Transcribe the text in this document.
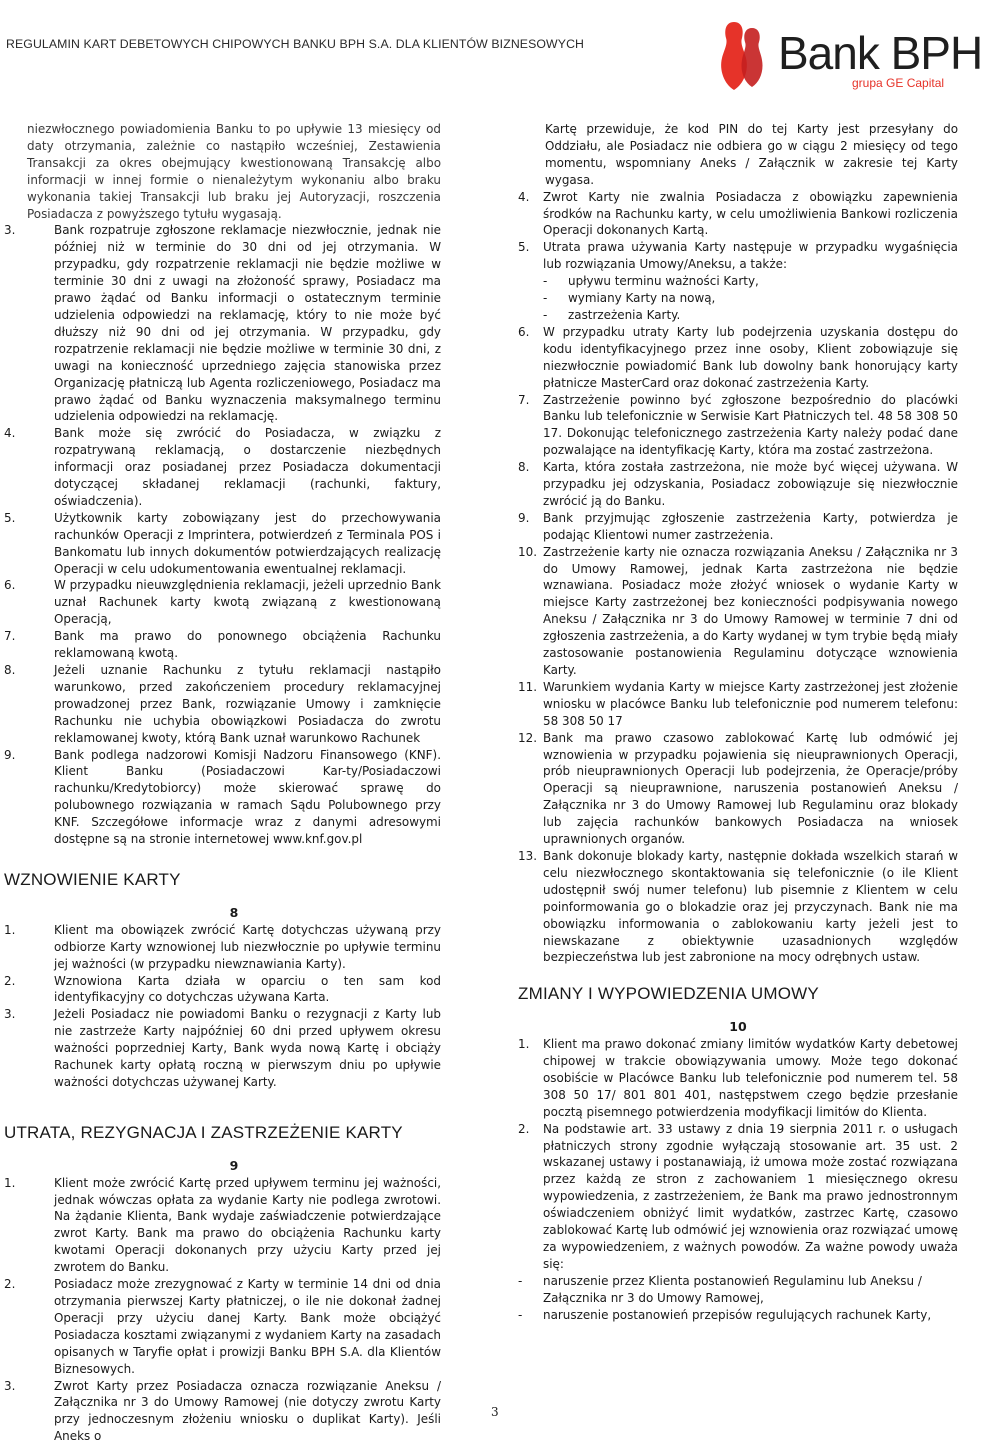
REGULAMIN KART DEBETOWYCH CHIPOWYCH BANKU BPH S.A. DLA KLIENTÓW BIZNESOWYCH	Bank BPH
grupa GE Capital

niezwłocznego powiadomienia Banku to po upływie 13 miesięcy od daty otrzymania, zależnie co nastąpiło wcześniej, Zestawienia Transakcji za okres obejmujący kwestionowaną Transakcję albo informacji w innej formie o nienależytym wykonaniu albo braku wykonania takiej Transakcji lub braku jej Autoryzacji, roszczenia Posiadacza z powyższego tytułu wygasają.

3.	Bank rozpatruje zgłoszone reklamacje niezwłocznie, jednak nie później niż w terminie do 30 dni od jej otrzymania. W przypadku, gdy rozpatrzenie reklamacji nie będzie możliwe w terminie 30 dni z uwagi na złożoność sprawy, Posiadacz ma prawo żądać od Banku informacji o ostatecznym terminie udzielenia odpowiedzi na reklamację, który to nie może być dłuższy niż 90 dni od jej otrzymania. W przypadku, gdy rozpatrzenie reklamacji nie będzie możliwe w terminie 30 dni, z uwagi na konieczność uprzedniego zajęcia stanowiska przez Organizację płatniczą lub Agenta rozliczeniowego, Posiadacz ma prawo żądać od Banku wyznaczenia maksymalnego terminu udzielenia odpowiedzi na reklamację.
4.	Bank może się zwrócić do Posiadacza, w związku z rozpatrywaną reklamacją, o dostarczenie niezbędnych informacji oraz posiadanej przez Posiadacza dokumentacji dotyczącej składanej reklamacji (rachunki, faktury, oświadczenia).
5.	Użytkownik karty zobowiązany jest do przechowywania rachunków Operacji z Imprintera, potwierdzeń z Terminala POS i Bankomatu lub innych dokumentów potwierdzających realizację Operacji w celu udokumentowania ewentualnej reklamacji.
6.	W przypadku nieuwzględnienia reklamacji, jeżeli uprzednio Bank uznał Rachunek karty kwotą związaną z kwestionowaną Operacją,
7.	Bank ma prawo do ponownego obciążenia Rachunku reklamowaną kwotą.
8.	Jeżeli uznanie Rachunku z tytułu reklamacji nastąpiło warunkowo, przed zakończeniem procedury reklamacyjnej prowadzonej przez Bank, rozwiązanie Umowy i zamknięcie Rachunku nie uchybia obowiązkowi Posiadacza do zwrotu reklamowanej kwoty, którą Bank uznał warunkowo Rachunek
9.	Bank podlega nadzorowi Komisji Nadzoru Finansowego (KNF). Klient Banku (Posiadaczowi Kar-ty/Posiadaczowi rachunku/Kredytobiorcy) może skierować sprawę do polubownego rozwiązania w ramach Sądu Polubownego przy KNF. Szczegółowe informacje wraz z danymi adresowymi dostępne są na stronie internetowej www.knf.gov.pl

WZNOWIENIE KARTY

8

1.	Klient ma obowiązek zwrócić Kartę dotychczas używaną przy odbiorze Karty wznowionej lub niezwłocznie po upływie terminu jej ważności (w przypadku niewznawiania Karty).
2.	Wznowiona Karta działa w oparciu o ten sam kod identyfikacyjny co dotychczas używana Karta.
3.	Jeżeli Posiadacz nie powiadomi Banku o rezygnacji z Karty lub nie zastrzeże Karty najpóźniej 60 dni przed upływem okresu ważności poprzedniej Karty, Bank wyda nową Kartę i obciąży Rachunek karty opłatą roczną w pierwszym dniu po upływie ważności dotychczas używanej Karty.

UTRATA, REZYGNACJA I ZASTRZEŻENIE KARTY

9

1.	Klient może zwrócić Kartę przed upływem terminu jej ważności, jednak wówczas opłata za wydanie Karty nie podlega zwrotowi. Na żądanie Klienta, Bank wydaje zaświadczenie potwierdzające zwrot Karty. Bank ma prawo do obciążenia Rachunku karty kwotami Operacji dokonanych przy użyciu Karty przed jej zwrotem do Banku.
2.	Posiadacz może zrezygnować z Karty w terminie 14 dni od dnia otrzymania pierwszej Karty płatniczej, o ile nie dokonał żadnej Operacji przy użyciu danej Karty. Bank może obciążyć Posiadacza kosztami związanymi z wydaniem Karty na zasadach opisanych w Taryfie opłat i prowizji Banku BPH S.A. dla Klientów Biznesowych.
3.	Zwrot Karty przez Posiadacza oznacza rozwiązanie Aneksu / Załącznika nr 3 do Umowy Ramowej (nie dotyczy zwrotu Karty przy jednoczesnym złożeniu wniosku o duplikat Karty). Jeśli Aneks o

Kartę przewiduje, że kod PIN do tej Karty jest przesyłany do Oddziału, ale Posiadacz nie odbiera go w ciągu 2 miesięcy od tego momentu, wspomniany Aneks / Załącznik w zakresie tej Karty wygasa.

4. Zwrot Karty nie zwalnia Posiadacza z obowiązku zapewnienia środków na Rachunku karty, w celu umożliwienia Bankowi rozliczenia Operacji dokonanych Kartą.
5. Utrata prawa używania Karty następuje w przypadku wygaśnięcia lub rozwiązania Umowy/Aneksu, a także:
- upływu terminu ważności Karty,
- wymiany Karty na nową,
- zastrzeżenia Karty.
6. W przypadku utraty Karty lub podejrzenia uzyskania dostępu do kodu identyfikacyjnego przez inne osoby, Klient zobowiązuje się niezwłocznie powiadomić Bank lub dowolny bank honorujący karty płatnicze MasterCard oraz dokonać zastrzeżenia Karty.
7. Zastrzeżenie powinno być zgłoszone bezpośrednio do placówki Banku lub telefonicznie w Serwisie Kart Płatniczych tel. 48 58 308 50 17. Dokonując telefonicznego zastrzeżenia Karty należy podać dane pozwalające na identyfikację Karty, która ma zostać zastrzeżona.
8. Karta, która została zastrzeżona, nie może być więcej używana. W przypadku jej odzyskania, Posiadacz zobowiązuje się niezwłocznie zwrócić ją do Banku.
9. Bank przyjmując zgłoszenie zastrzeżenia Karty, potwierdza je podając Klientowi numer zastrzeżenia.
10. Zastrzeżenie karty nie oznacza rozwiązania Aneksu / Załącznika nr 3 do Umowy Ramowej, jednak Karta zastrzeżona nie będzie wznawiana. Posiadacz może złożyć wniosek o wydanie Karty w miejsce Karty zastrzeżonej bez konieczności podpisywania nowego Aneksu / Załącznika nr 3 do Umowy Ramowej w terminie 7 dni od zgłoszenia zastrzeżenia, a do Karty wydanej w tym trybie będą miały zastosowanie postanowienia Regulaminu dotyczące wznowienia Karty.
11. Warunkiem wydania Karty w miejsce Karty zastrzeżonej jest złożenie wniosku w placówce Banku lub telefonicznie pod numerem telefonu: 58 308 50 17
12. Bank ma prawo czasowo zablokować Kartę lub odmówić jej wznowienia w przypadku pojawienia się nieuprawnionych Operacji, prób nieuprawnionych Operacji lub podejrzenia, że Operacje/próby Operacji są nieuprawnione, naruszenia postanowień Aneksu / Załącznika nr 3 do Umowy Ramowej lub Regulaminu oraz blokady lub zajęcia rachunków bankowych Posiadacza na wniosek uprawnionych organów.
13. Bank dokonuje blokady karty, następnie dokłada wszelkich starań w celu niezwłocznego skontaktowania się telefonicznie (o ile Klient udostępnił swój numer telefonu) lub pisemnie z Klientem w celu poinformowania go o blokadzie oraz jej przyczynach. Bank nie ma obowiązku informowania o zablokowaniu karty jeżeli jest to niewskazane z obiektywnie uzasadnionych względów bezpieczeństwa lub jest zabronione na mocy odrębnych ustaw.

ZMIANY I WYPOWIEDZENIA UMOWY

10

1. Klient ma prawo dokonać zmiany limitów wydatków Karty debetowej chipowej w trakcie obowiązywania umowy. Może tego dokonać osobiście w Placówce Banku lub telefonicznie pod numerem tel. 58 308 50 17/ 801 801 401, następstwem czego będzie przesłanie pocztą pisemnego potwierdzenia modyfikacji limitów do Klienta.
2. Na podstawie art. 33 ustawy z dnia 19 sierpnia 2011 r. o usługach płatniczych strony zgodnie wyłączają stosowanie art. 35 ust. 2 wskazanej ustawy i postanawiają, iż umowa może zostać rozwiązana przez każdą ze stron z zachowaniem 1 miesięcznego okresu wypowiedzenia, z zastrzeżeniem, że Bank ma prawo jednostronnym oświadczeniem obniżyć limit wydatków, zastrzec Kartę, czasowo zablokować Kartę lub odmówić jej wznowienia oraz rozwiązać umowę za wypowiedzeniem, z ważnych powodów. Za ważne powody uważa się:
- naruszenie przez Klienta postanowień Regulaminu lub Aneksu / Załącznika nr 3 do Umowy Ramowej,
- naruszenie postanowień przepisów regulujących rachunek Karty,
3
